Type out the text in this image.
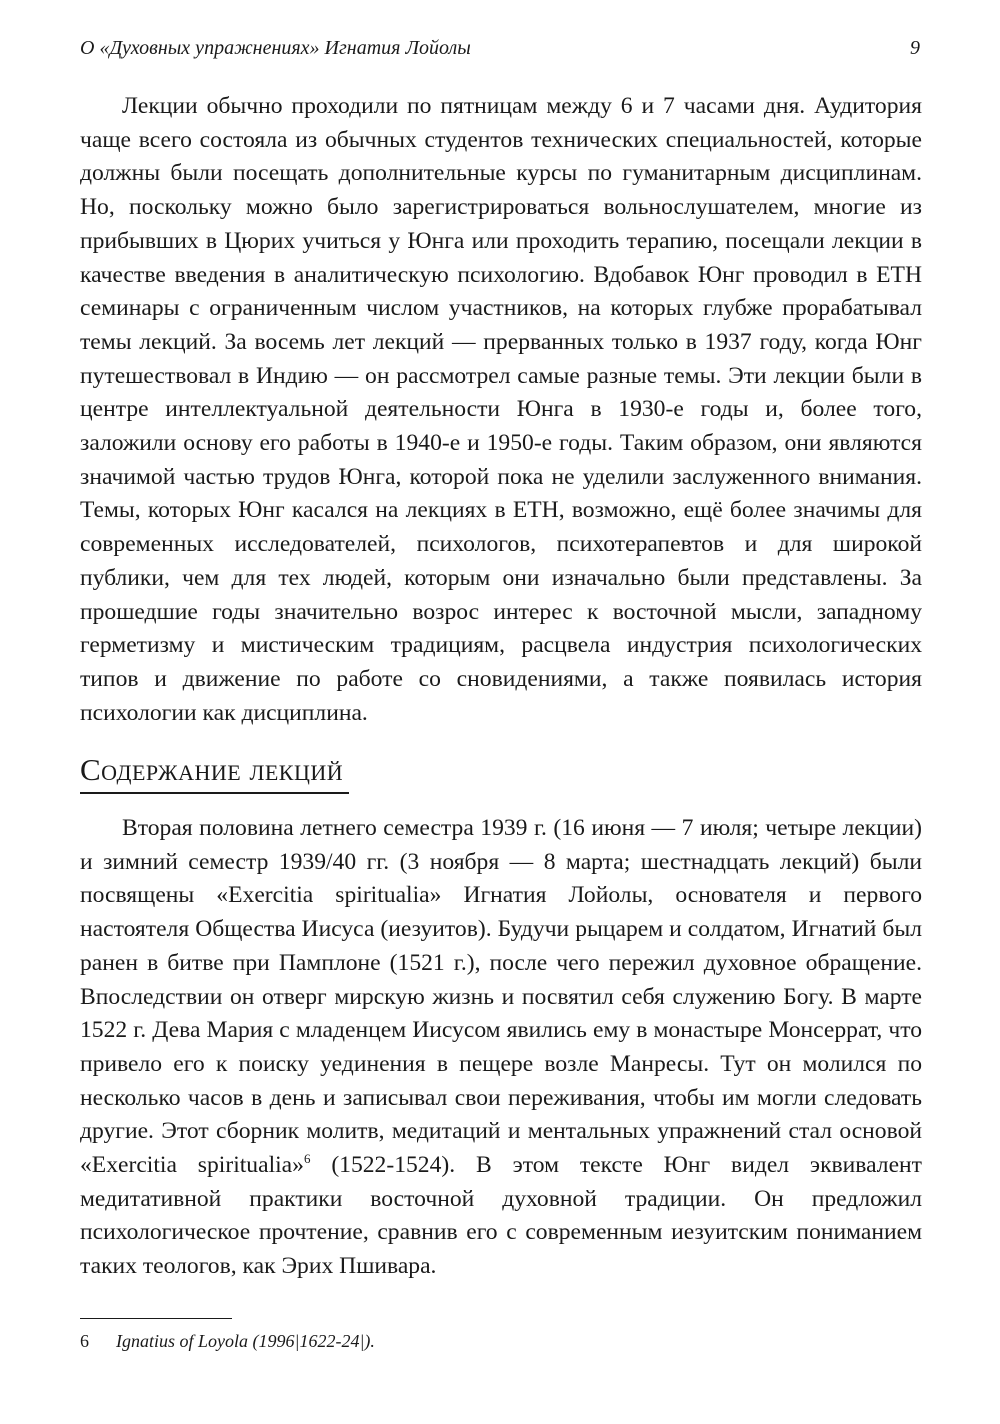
О «Духовных упражнениях» Игнатия Лойолы	9

Лекции обычно проходили по пятницам между 6 и 7 часами дня. Аудитория чаще всего состояла из обычных студентов технических специальностей, которые должны были посещать дополнительные курсы по гуманитарным дисциплинам. Но, поскольку можно было зарегистрироваться вольнослушателем, многие из прибывших в Цюрих учиться у Юнга или проходить терапию, посещали лекции в качестве введения в аналитическую психологию. Вдобавок Юнг проводил в ЕТН семинары с ограниченным числом участников, на которых глубже прорабатывал темы лекций. За восемь лет лекций — прерванных только в 1937 году, когда Юнг путешествовал в Индию — он рассмотрел самые разные темы. Эти лекции были в центре интеллектуальной деятельности Юнга в 1930-е годы и, более того, заложили основу его работы в 1940-е и 1950-е годы. Таким образом, они являются значимой частью трудов Юнга, которой пока не уделили заслуженного внимания. Темы, которых Юнг касался на лекциях в ЕТН, возможно, ещё более значимы для современных исследователей, психологов, психотерапевтов и для широкой публики, чем для тех людей, которым они изначально были представлены. За прошедшие годы значительно возрос интерес к восточной мысли, западному герметизму и мистическим традициям, расцвела индустрия психологических типов и движение по работе со сновидениями, а также появилась история психологии как дисциплина.

Содержание лекций

Вторая половина летнего семестра 1939 г. (16 июня — 7 июля; четыре лекции) и зимний семестр 1939/40 гг. (3 ноября — 8 марта; шестнадцать лекций) были посвящены «Exercitia spiritualia» Игнатия Лойолы, основателя и первого настоятеля Общества Иисуса (иезуитов). Будучи рыцарем и солдатом, Игнатий был ранен в битве при Памплоне (1521 г.), после чего пережил духовное обращение. Впоследствии он отверг мирскую жизнь и посвятил себя служению Богу. В марте 1522 г. Дева Мария с младенцем Иисусом явились ему в монастыре Монсеррат, что привело его к поиску уединения в пещере возле Манресы. Тут он молился по несколько часов в день и записывал свои переживания, чтобы им могли следовать другие. Этот сборник молитв, медитаций и ментальных упражнений стал основой «Exercitia spiritualia»$^6$ (1522-1524). В этом тексте Юнг видел эквивалент медитативной практики восточной духовной традиции. Он предложил психологическое прочтение, сравнив его с современным иезуитским пониманием таких теологов, как Эрих Пшивара.

6 Ignatius of Loyola (1996|1622-24|).
